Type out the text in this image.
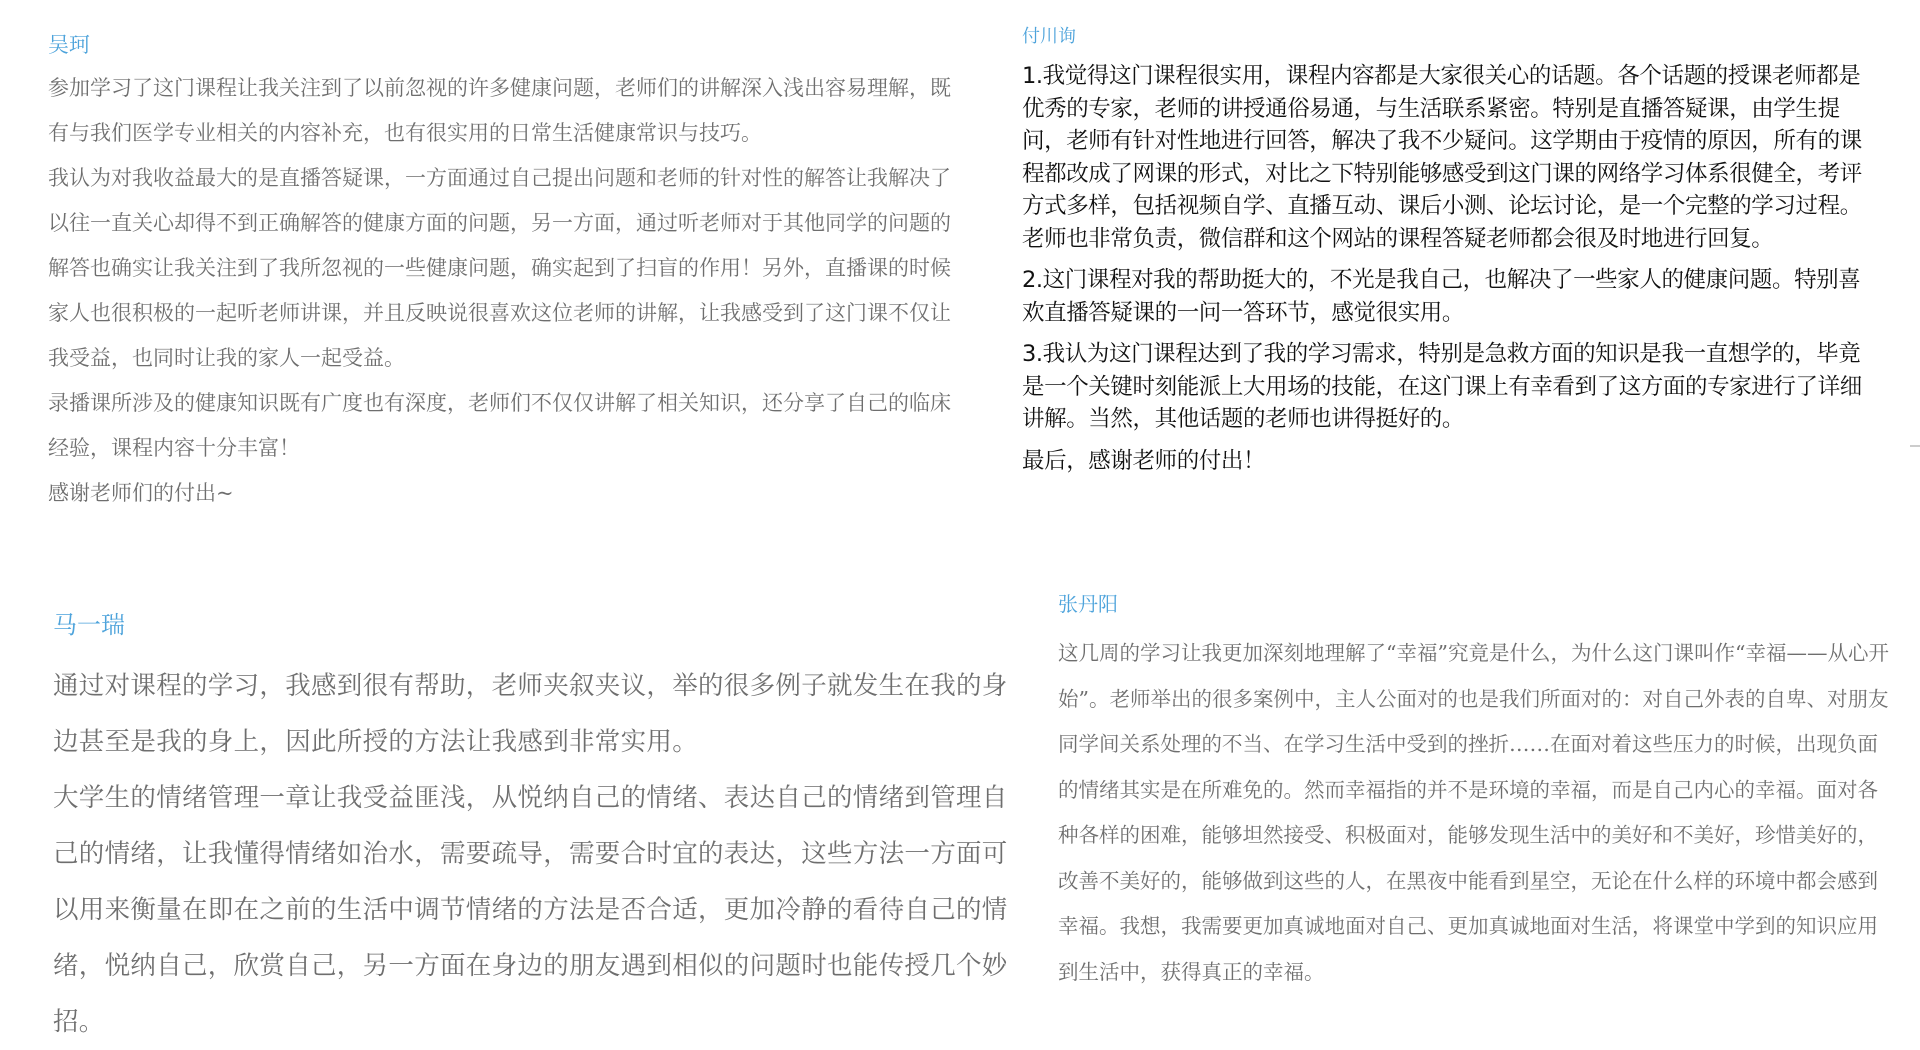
吴珂

参加学习了这门课程让我关注到了以前忽视的许多健康问题，老师们的讲解深入浅出容易理解，既有与我们医学专业相关的内容补充，也有很实用的日常生活健康常识与技巧。

我认为对我收益最大的是直播答疑课，一方面通过自己提出问题和老师的针对性的解答让我解决了以往一直关心却得不到正确解答的健康方面的问题，另一方面，通过听老师对于其他同学的问题的解答也确实让我关注到了我所忽视的一些健康问题，确实起到了扫盲的作用！另外，直播课的时候家人也很积极的一起听老师讲课，并且反映说很喜欢这位老师的讲解，让我感受到了这门课不仅让我受益，也同时让我的家人一起受益。

录播课所涉及的健康知识既有广度也有深度，老师们不仅仅讲解了相关知识，还分享了自己的临床经验，课程内容十分丰富！

感谢老师们的付出~

付川询

1.我觉得这门课程很实用，课程内容都是大家很关心的话题。各个话题的授课老师都是优秀的专家，老师的讲授通俗易通，与生活联系紧密。特别是直播答疑课，由学生提问，老师有针对性地进行回答，解决了我不少疑问。这学期由于疫情的原因，所有的课程都改成了网课的形式，对比之下特别能够感受到这门课的网络学习体系很健全，考评方式多样，包括视频自学、直播互动、课后小测、论坛讨论，是一个完整的学习过程。老师也非常负责，微信群和这个网站的课程答疑老师都会很及时地进行回复。

2.这门课程对我的帮助挺大的，不光是我自己，也解决了一些家人的健康问题。特别喜欢直播答疑课的一问一答环节，感觉很实用。

3.我认为这门课程达到了我的学习需求，特别是急救方面的知识是我一直想学的，毕竟是一个关键时刻能派上大用场的技能，在这门课上有幸看到了这方面的专家进行了详细讲解。当然，其他话题的老师也讲得挺好的。

最后，感谢老师的付出！

马一瑞

通过对课程的学习，我感到很有帮助，老师夹叙夹议，举的很多例子就发生在我的身边甚至是我的身上，因此所授的方法让我感到非常实用。

大学生的情绪管理一章让我受益匪浅，从悦纳自己的情绪、表达自己的情绪到管理自己的情绪，让我懂得情绪如治水，需要疏导，需要合时宜的表达，这些方法一方面可以用来衡量在即在之前的生活中调节情绪的方法是否合适，更加冷静的看待自己的情绪，悦纳自己，欣赏自己，另一方面在身边的朋友遇到相似的问题时也能传授几个妙招。

张丹阳

这几周的学习让我更加深刻地理解了“幸福”究竟是什么，为什么这门课叫作“幸福——从心开始”。老师举出的很多案例中，主人公面对的也是我们所面对的：对自己外表的自卑、对朋友同学间关系处理的不当、在学习生活中受到的挫折……在面对着这些压力的时候，出现负面的情绪其实是在所难免的。然而幸福指的并不是环境的幸福，而是自己内心的幸福。面对各种各样的困难，能够坦然接受、积极面对，能够发现生活中的美好和不美好，珍惜美好的，改善不美好的，能够做到这些的人，在黑夜中能看到星空，无论在什么样的环境中都会感到幸福。我想，我需要更加真诚地面对自己、更加真诚地面对生活，将课堂中学到的知识应用到生活中，获得真正的幸福。
